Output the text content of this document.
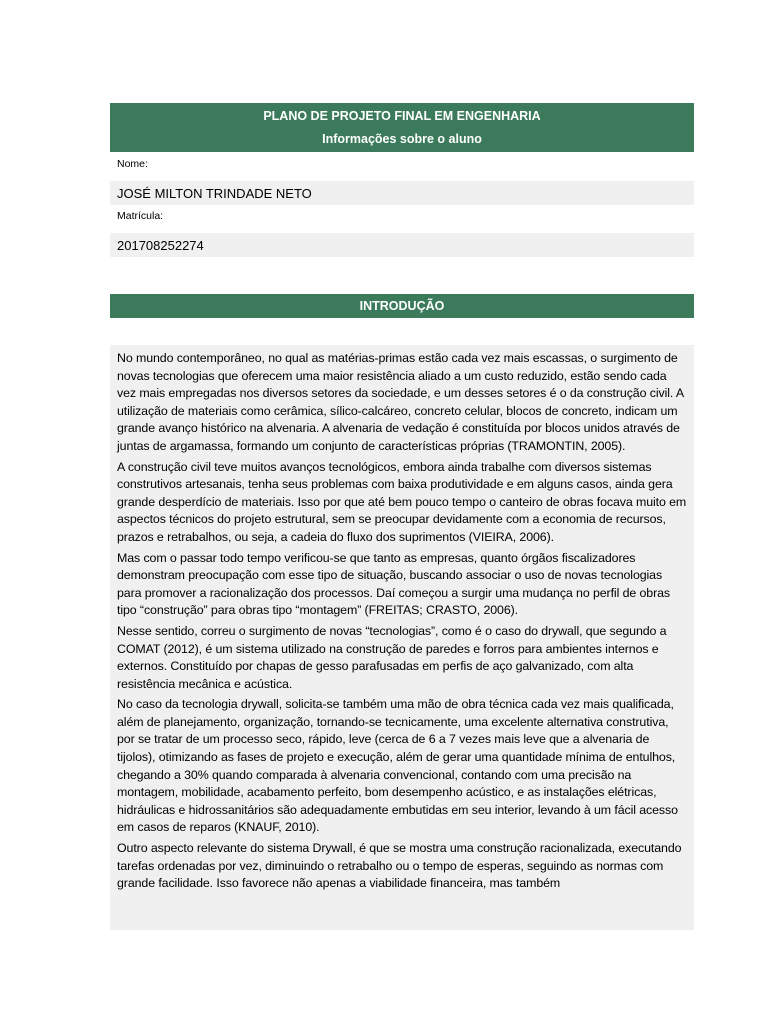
PLANO DE PROJETO FINAL EM ENGENHARIA
Informações sobre o aluno
Nome:
JOSÉ MILTON TRINDADE NETO
Matrícula:
201708252274
INTRODUÇÃO

No mundo contemporâneo, no qual as matérias-primas estão cada vez mais escassas, o surgimento de novas tecnologias que oferecem uma maior resistência aliado a um custo reduzido, estão sendo cada vez mais empregadas nos diversos setores da sociedade, e um desses setores é o da construção civil. A utilização de materiais como cerâmica, sílico-calcáreo, concreto celular, blocos de concreto, indicam um grande avanço histórico na alvenaria. A alvenaria de vedação é constituída por blocos unidos através de juntas de argamassa, formando um conjunto de características próprias (TRAMONTIN, 2005).

A construção civil teve muitos avanços tecnológicos, embora ainda trabalhe com diversos sistemas construtivos artesanais, tenha seus problemas com baixa produtividade e em alguns casos, ainda gera grande desperdício de materiais. Isso por que até bem pouco tempo o canteiro de obras focava muito em aspectos técnicos do projeto estrutural, sem se preocupar devidamente com a economia de recursos, prazos e retrabalhos, ou seja, a cadeia do fluxo dos suprimentos (VIEIRA, 2006).

Mas com o passar todo tempo verificou-se que tanto as empresas, quanto órgãos fiscalizadores demonstram preocupação com esse tipo de situação, buscando associar o uso de novas tecnologias para promover a racionalização dos processos. Daí começou a surgir uma mudança no perfil de obras tipo “construção” para obras tipo “montagem” (FREITAS; CRASTO, 2006).

Nesse sentido, correu o surgimento de novas “tecnologias”, como é o caso do drywall, que segundo a COMAT (2012), é um sistema utilizado na construção de paredes e forros para ambientes internos e externos. Constituído por chapas de gesso parafusadas em perfis de aço galvanizado, com alta resistência mecânica e acústica.

No caso da tecnologia drywall, solicita-se também uma mão de obra técnica cada vez mais qualificada, além de planejamento, organização, tornando-se tecnicamente, uma excelente alternativa construtiva, por se tratar de um processo seco, rápido, leve (cerca de 6 a 7 vezes mais leve que a alvenaria de tijolos), otimizando as fases de projeto e execução, além de gerar uma quantidade mínima de entulhos, chegando a 30% quando comparada à alvenaria convencional, contando com uma precisão na montagem, mobilidade, acabamento perfeito, bom desempenho acústico, e as instalações elétricas, hidráulicas e hidrossanitários são adequadamente embutidas em seu interior, levando à um fácil acesso em casos de reparos (KNAUF, 2010).

Outro aspecto relevante do sistema Drywall, é que se mostra uma construção racionalizada, executando tarefas ordenadas por vez, diminuindo o retrabalho ou o tempo de esperas, seguindo as normas com grande facilidade. Isso favorece não apenas a viabilidade financeira, mas também
